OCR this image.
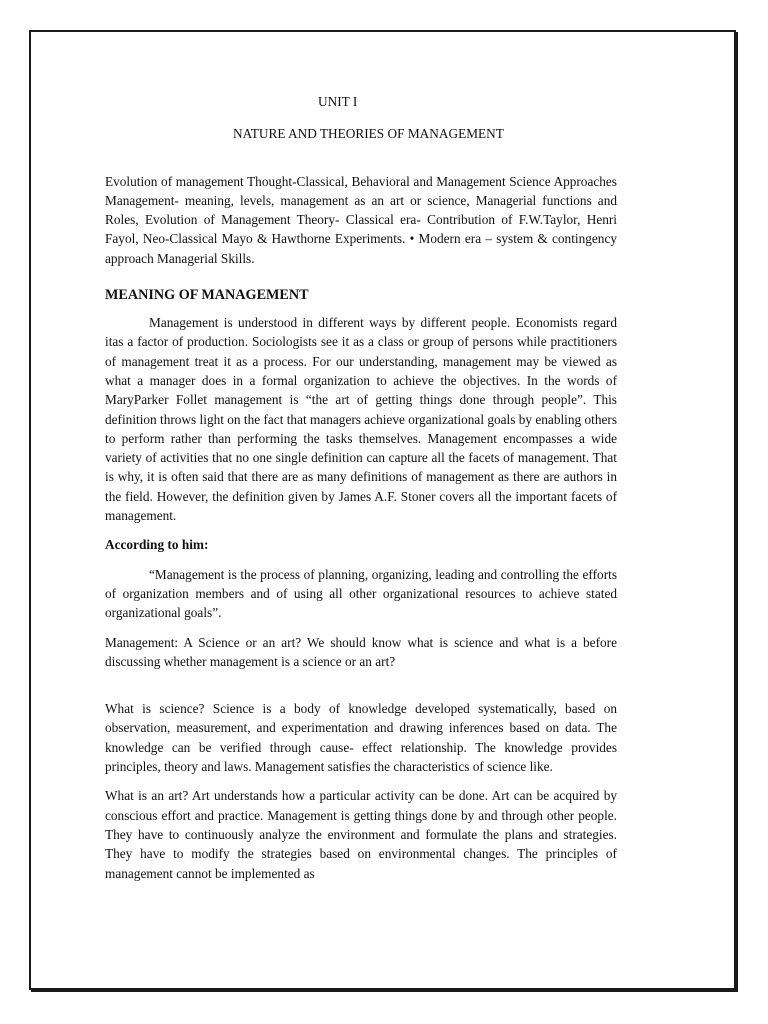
UNIT I

NATURE AND THEORIES OF MANAGEMENT

Evolution of management Thought-Classical, Behavioral and Management Science Approaches Management- meaning, levels, management as an art or science, Managerial functions and Roles, Evolution of Management Theory- Classical era- Contribution of F.W.Taylor, Henri Fayol, Neo-Classical Mayo & Hawthorne Experiments. • Modern era – system & contingency approach Managerial Skills.

MEANING OF MANAGEMENT

Management is understood in different ways by different people. Economists regard itas a factor of production. Sociologists see it as a class or group of persons while practitioners of management treat it as a process. For our understanding, management may be viewed as what a manager does in a formal organization to achieve the objectives. In the words of MaryParker Follet management is “the art of getting things done through people”. This definition throws light on the fact that managers achieve organizational goals by enabling others to perform rather than performing the tasks themselves. Management encompasses a wide variety of activities that no one single definition can capture all the facets of management. That is why, it is often said that there are as many definitions of management as there are authors in the field. However, the definition given by James A.F. Stoner covers all the important facets of management.

According to him:

“Management is the process of planning, organizing, leading and controlling the efforts of organization members and of using all other organizational resources to achieve stated organizational goals”.

Management: A Science or an art? We should know what is science and what is a before discussing whether management is a science or an art?

What is science? Science is a body of knowledge developed systematically, based on observation, measurement, and experimentation and drawing inferences based on data. The knowledge can be verified through cause- effect relationship. The knowledge provides principles, theory and laws. Management satisfies the characteristics of science like.

What is an art? Art understands how a particular activity can be done. Art can be acquired by conscious effort and practice. Management is getting things done by and through other people. They have to continuously analyze the environment and formulate the plans and strategies. They have to modify the strategies based on environmental changes. The principles of management cannot be implemented as
